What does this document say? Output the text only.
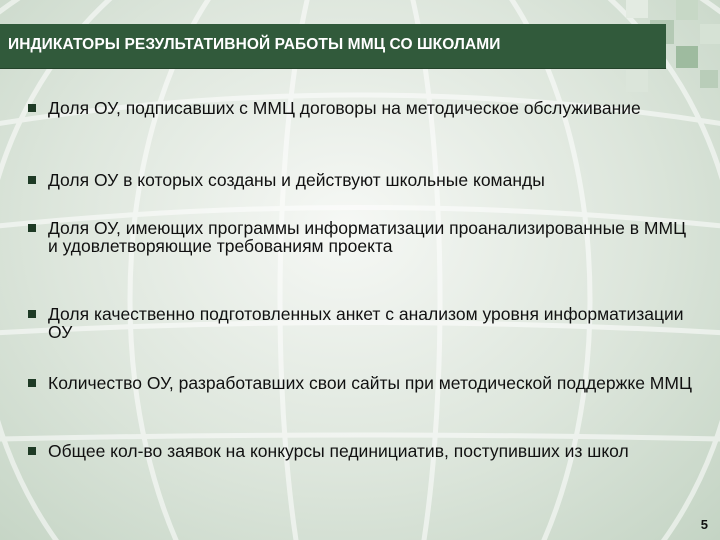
ИНДИКАТОРЫ РЕЗУЛЬТАТИВНОЙ РАБОТЫ ММЦ СО ШКОЛАМИ
Доля ОУ, подписавших с ММЦ договоры на методическое обслуживание
Доля ОУ в которых созданы и действуют школьные команды
Доля ОУ, имеющих программы информатизации проанализированные в ММЦ и удовлетворяющие требованиям проекта
Доля качественно подготовленных анкет с анализом уровня информатизации ОУ
Количество ОУ, разработавших свои сайты при методической поддержке ММЦ
Общее кол-во заявок на конкурсы пединициатив, поступивших из школ
5
